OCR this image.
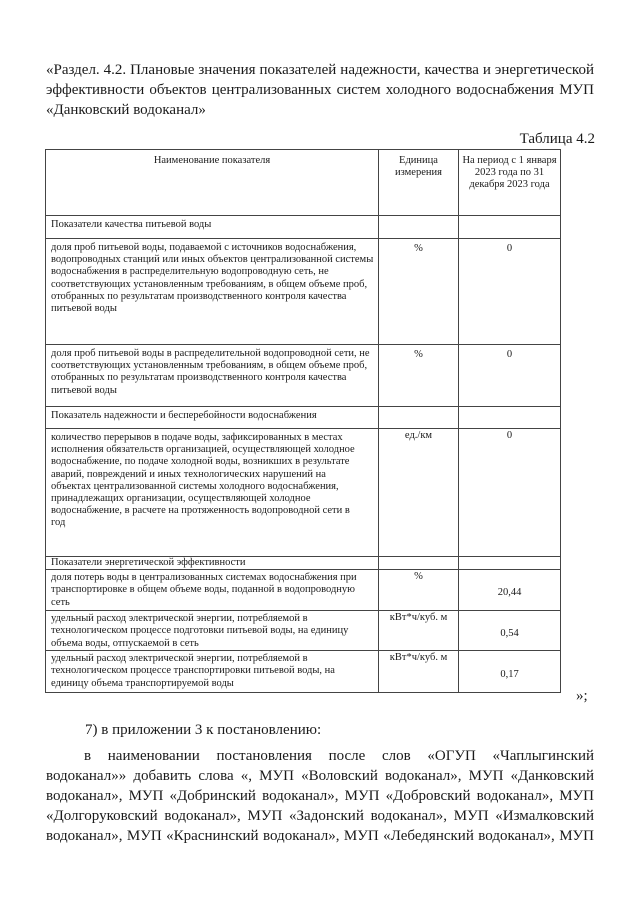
«Раздел. 4.2. Плановые значения показателей надежности, качества и энергетической эффективности объектов централизованных систем холодного водоснабжения МУП «Данковский водоканал»
Таблица 4.2
Наименование показателя	Единица измерения	На период с 1 января 2023 года по 31 декабря 2023 года
Показатели качества питьевой воды		
доля проб питьевой воды, подаваемой с источников водоснабжения, водопроводных станций или иных объектов централизованной системы водоснабжения в распределительную водопроводную сеть, не соответствующих установленным требованиям, в общем объеме проб, отобранных по результатам производственного контроля качества питьевой воды	%	0
доля проб питьевой воды в распределительной водопроводной сети, не соответствующих установленным требованиям, в общем объеме проб, отобранных по результатам производственного контроля качества питьевой воды	%	0
Показатель надежности и бесперебойности водоснабжения		
количество перерывов в подаче воды, зафиксированных в местах исполнения обязательств организацией, осуществляющей холодное водоснабжение, по подаче холодной воды, возникших в результате аварий, повреждений и иных технологических нарушений на объектах централизованной системы холодного водоснабжения, принадлежащих организации, осуществляющей холодное водоснабжение, в расчете на протяженность водопроводной сети в год	ед./км	0
Показатели энергетической эффективности		
доля потерь воды в централизованных системах водоснабжения при транспортировке в общем объеме воды, поданной в водопроводную сеть	%	20,44
удельный расход электрической энергии, потребляемой в технологическом процессе подготовки питьевой воды, на единицу объема воды, отпускаемой в сеть	кВт*ч/куб. м	0,54
удельный расход электрической энергии, потребляемой в технологическом процессе транспортировки питьевой воды, на единицу объема транспортируемой воды	кВт*ч/куб. м	0,17
»;
7) в приложении 3 к постановлению:
в наименовании постановления после слов «ОГУП «Чаплыгинский водоканал»» добавить слова «, МУП «Воловский водоканал», МУП «Данковский водоканал», МУП «Добринский водоканал», МУП «Добровский водоканал», МУП «Долгоруковский водоканал», МУП «Задонский водоканал», МУП «Измалковский водоканал», МУП «Краснинский водоканал», МУП «Лебедянский водоканал», МУП
